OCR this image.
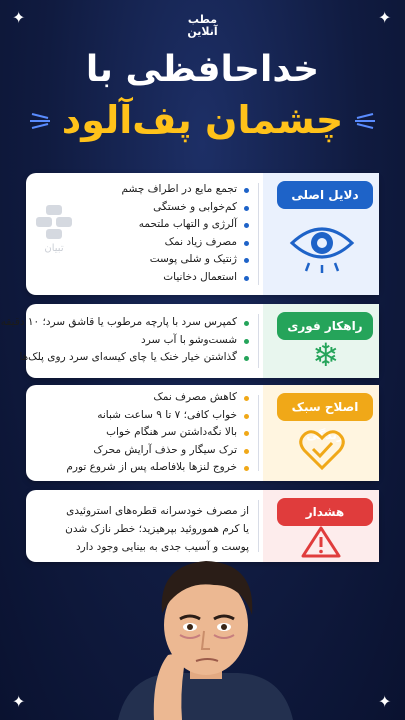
✦	✦
✦	✦
مطب
آنلاین
خداحافظی با
چشمان پف‌آلود
دلایل اصلی
تجمع مایع در اطراف چشم
کم‌خوابی و خستگی
آلرژی و التهاب ملتحمه
مصرف زیاد نمک
ژنتیک و شلی پوست
استعمال دخانیات
راهکار فوری
کمپرس سرد با پارچه مرطوب یا قاشق سرد؛ ۱۰ دقیقه
شست‌وشو با آب سرد
گذاشتن خیار خنک یا چای کیسه‌ای سرد روی پلک‌ها	❄
اصلاح سبک زندگی
کاهش مصرف نمک
خواب کافی؛ ۷ تا ۹ ساعت شبانه
بالا نگه‌داشتن سر هنگام خواب
ترک سیگار و حذف آرایش محرک
خروج لنزها بلافاصله پس از شروع تورم
هشدار
از مصرف خودسرانه قطره‌های استروئیدی
یا کرم هموروئید بپرهیزید؛ خطر نازک شدن
پوست و آسیب جدی به بینایی وجود دارد
تبیان
